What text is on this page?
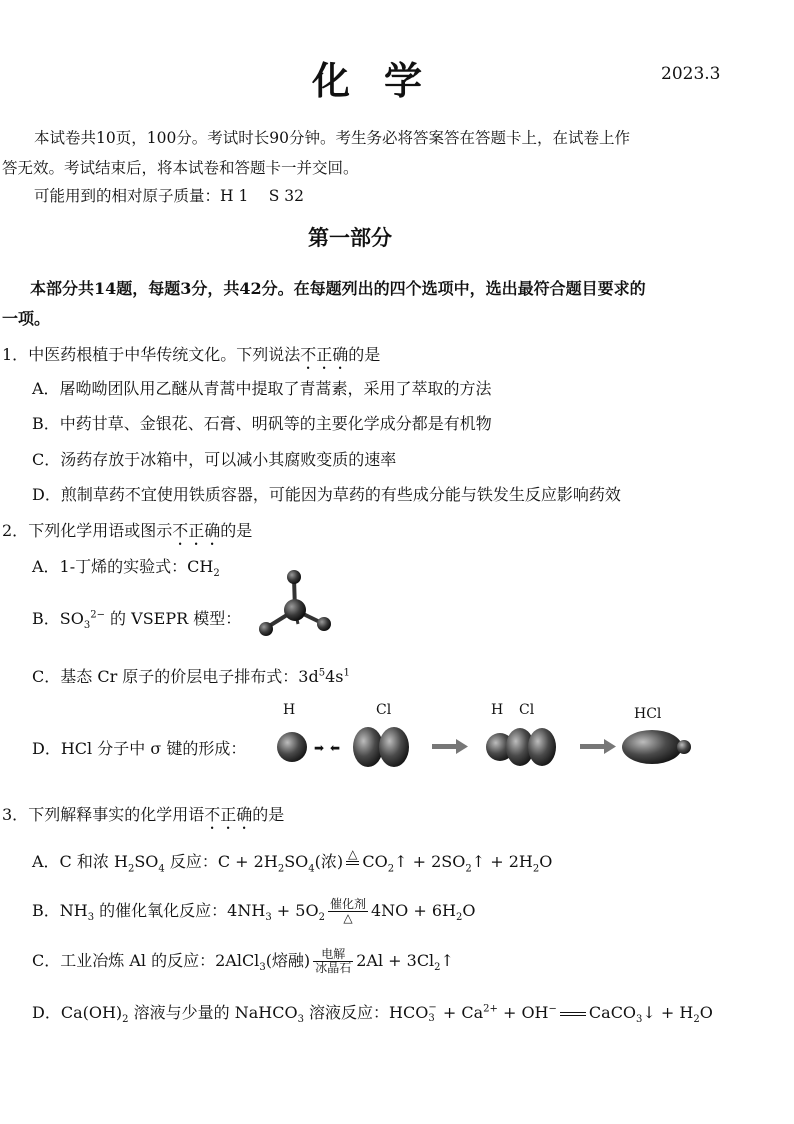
化学	2023.3
本试卷共10页，100分。考试时长90分钟。考生务必将答案答在答题卡上，在试卷上作
答无效。考试结束后，将本试卷和答题卡一并交回。
可能用到的相对原子质量：H 1　 S 32
第一部分
本部分共14题，每题3分，共42分。在每题列出的四个选项中，选出最符合题目要求的
一项。
1．中医药根植于中华传统文化。下列说法不正确的是
A．屠呦呦团队用乙醚从青蒿中提取了青蒿素，采用了萃取的方法
B．中药甘草、金银花、石膏、明矾等的主要化学成分都是有机物
C．汤药存放于冰箱中，可以减小其腐败变质的速率
D．煎制草药不宜使用铁质容器，可能因为草药的有些成分能与铁发生反应影响药效
2．下列化学用语或图示不正确的是
A．1-丁烯的实验式：$CH_2$
B．$SO_3^{2-}$ 的 VSEPR 模型：
C．基态 Cr 原子的价层电子排布式：$3d^54s^1$
H	Cl	H Cl	HCl
D．HCl 分子中 σ 键的形成：	➡ ⬅
3．下列解释事实的化学用语不正确的是
A．C 和浓 $H_2SO_4$ 反应：$C + 2H_2SO_4$(浓) △ $CO_2↑$ + $2SO_2↑ + 2H_2O$
B．$NH_3$ 的催化氧化反应：$4NH_3 + 5O_2 \frac{\text{催化剂}}{\triangle} 4NO + 6H_2O$
C．工业冶炼 Al 的反应：2AlCl$_3$(熔融) $\frac{\text{电解}}{\text{冰晶石}} 2Al$ + $3Cl_2↑$
D．$Ca(OH)_2$ 溶液与少量的 NaHCO$_3$ 溶液反应：HCO −
$3 + Ca^{2+} + OH^-$ CaCO$_3$↓ + $H_2O$
